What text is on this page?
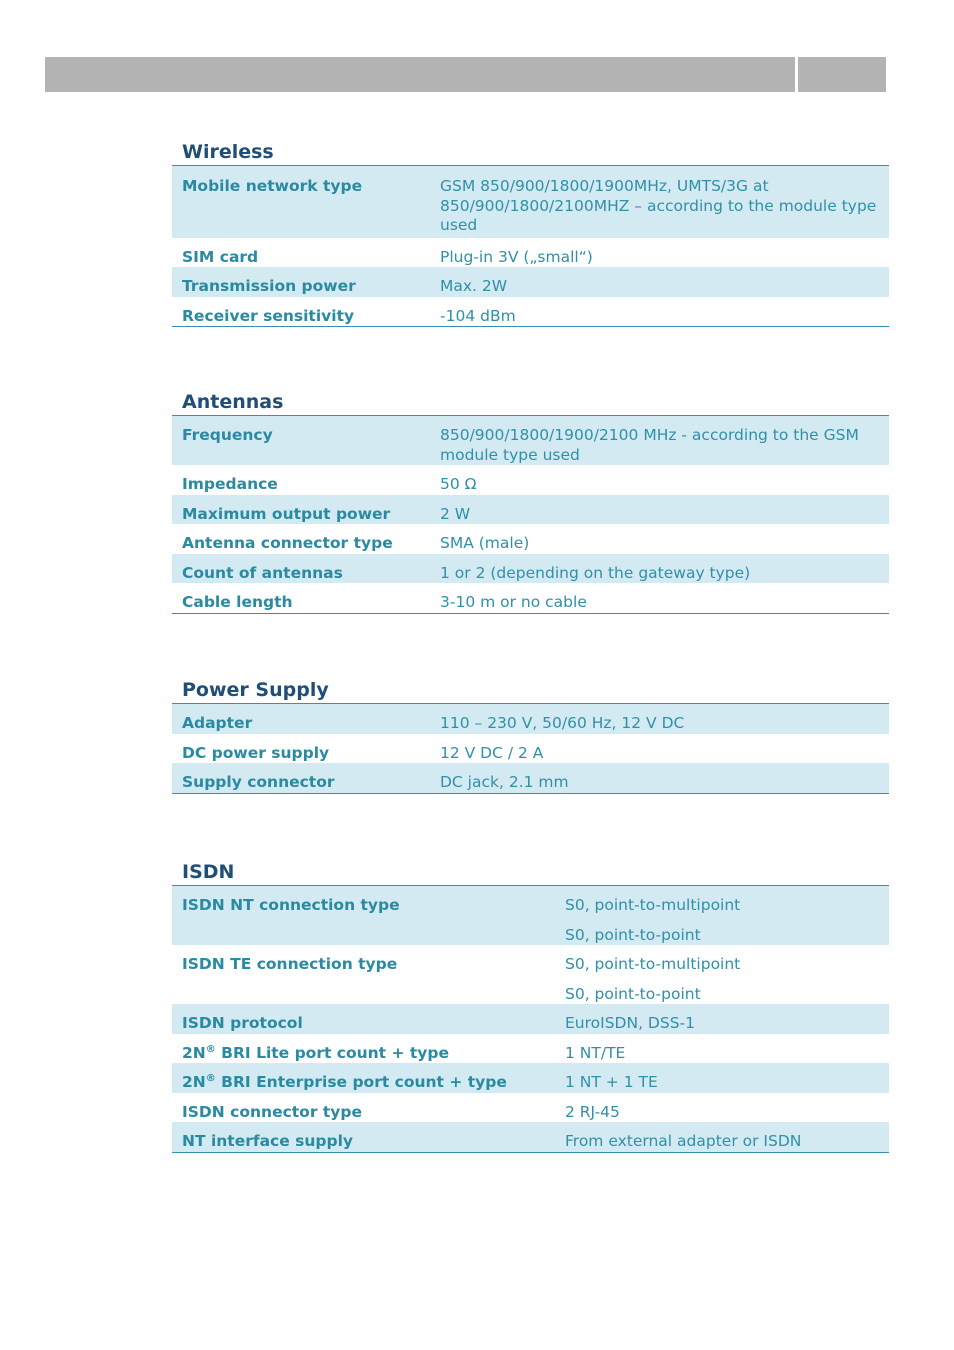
Wireless
Mobile network type	GSM 850/900/1800/1900MHz, UMTS/3G at 850/900/1800/2100MHZ – according to the module type used
SIM card	Plug-in 3V („small“)
Transmission power	Max. 2W
Receiver sensitivity	-104 dBm
Antennas
Frequency	850/900/1800/1900/2100 MHz - according to the GSM module type used
Impedance	50 Ω
Maximum output power	2 W
Antenna connector type	SMA (male)
Count of antennas	1 or 2 (depending on the gateway type)
Cable length	3-10 m or no cable
Power Supply
Adapter	110 – 230 V, 50/60 Hz, 12 V DC
DC power supply	12 V DC / 2 A
Supply connector	DC jack, 2.1 mm
ISDN
ISDN NT connection type	S0, point-to-multipoint
S0, point-to-point

ISDN TE connection type	S0, point-to-multipoint
S0, point-to-point

ISDN protocol	EuroISDN, DSS-1
2N® BRI Lite port count + type	1 NT/TE
2N® BRI Enterprise port count + type	1 NT + 1 TE
ISDN connector type	2 RJ-45
NT interface supply	From external adapter or ISDN
